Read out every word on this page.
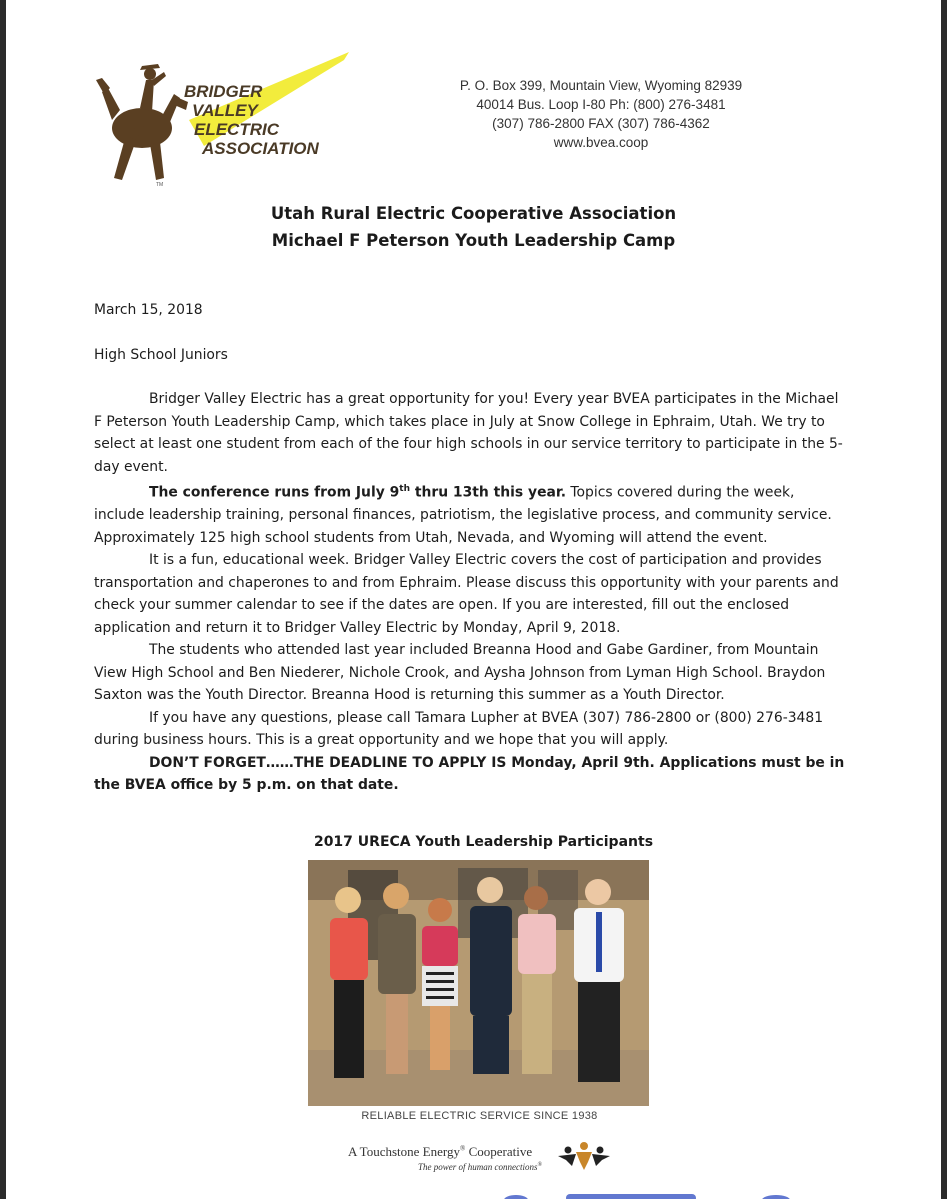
TM
BRIDGER
VALLEY
ELECTRIC
ASSOCIATION
P. O. Box 399, Mountain View, Wyoming 82939
40014 Bus. Loop I-80 Ph: (800) 276-3481
(307) 786-2800 FAX (307) 786-4362
www.bvea.coop
Utah Rural Electric Cooperative Association
Michael F Peterson Youth Leadership Camp
March 15, 2018
High School Juniors

Bridger Valley Electric has a great opportunity for you! Every year BVEA participates in the Michael F Peterson Youth Leadership Camp, which takes place in July at Snow College in Ephraim, Utah. We try to select at least one student from each of the four high schools in our service territory to participate in the 5-day event.

The conference runs from July 9th thru 13th this year. Topics covered during the week, include leadership training, personal finances, patriotism, the legislative process, and community service. Approximately 125 high school students from Utah, Nevada, and Wyoming will attend the event.

It is a fun, educational week. Bridger Valley Electric covers the cost of participation and provides transportation and chaperones to and from Ephraim. Please discuss this opportunity with your parents and check your summer calendar to see if the dates are open. If you are interested, fill out the enclosed application and return it to Bridger Valley Electric by Monday, April 9, 2018.

The students who attended last year included Breanna Hood and Gabe Gardiner, from Mountain View High School and Ben Niederer, Nichole Crook, and Aysha Johnson from Lyman High School. Braydon Saxton was the Youth Director. Breanna Hood is returning this summer as a Youth Director.

If you have any questions, please call Tamara Lupher at BVEA (307) 786-2800 or (800) 276-3481 during business hours. This is a great opportunity and we hope that you will apply.

DON’T FORGET……THE DEADLINE TO APPLY IS Monday, April 9th. Applications must be in the BVEA office by 5 p.m. on that date.

2017 URECA Youth Leadership Participants
RELIABLE ELECTRIC SERVICE SINCE 1938
A Touchstone Energy® Cooperative
The power of human connections®
